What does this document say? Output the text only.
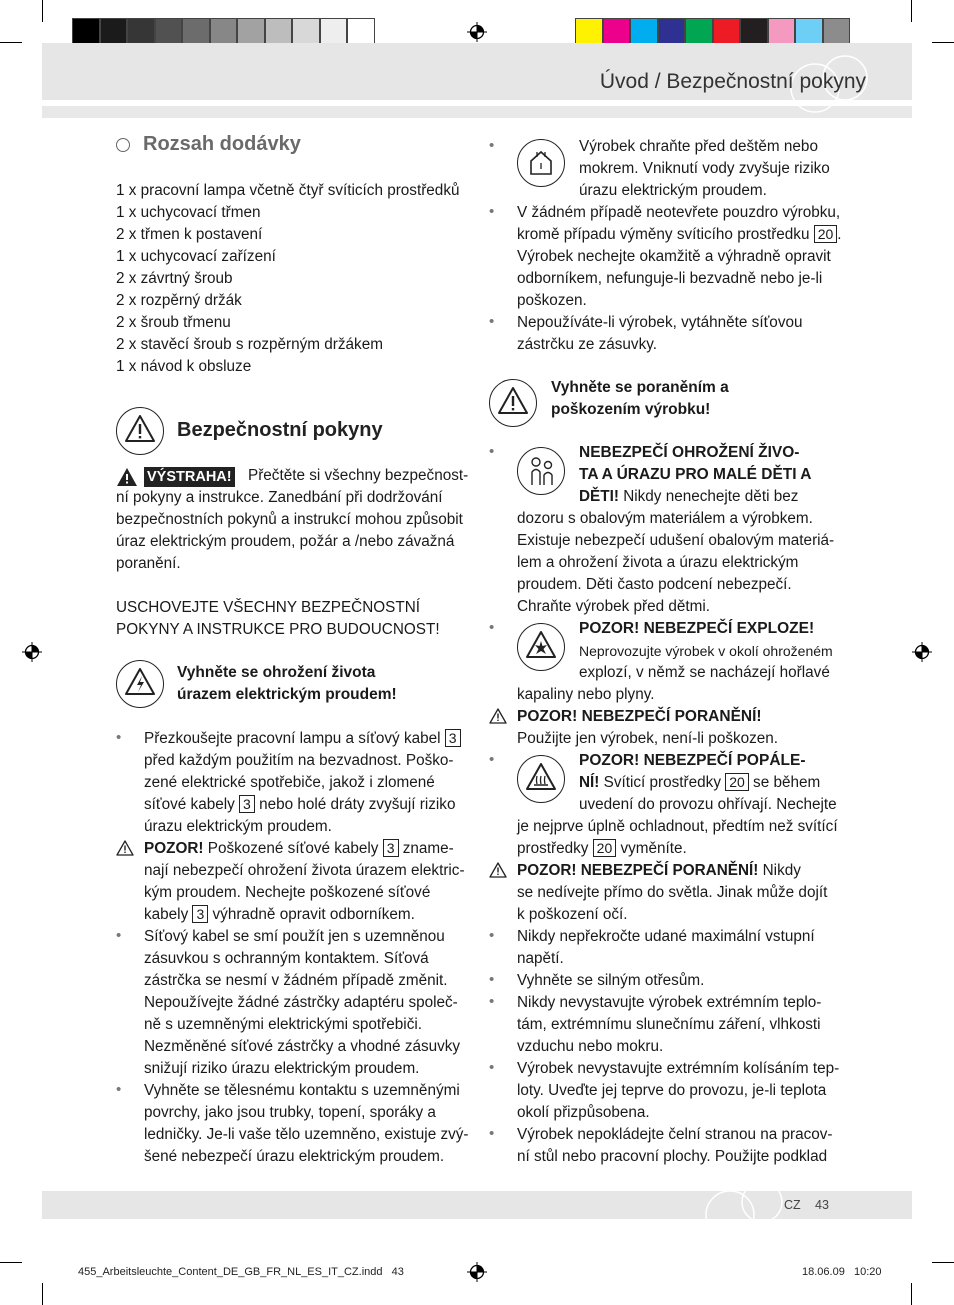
Úvod / Bezpečnostní pokyny
Rozsah dodávky
1 x pracovní lampa včetně čtyř svíticích prostředků
1 x uchycovací třmen
2 x třmen k postavení
1 x uchycovací zařízení
2 x závrtný šroub
2 x rozpěrný držák
2 x šroub třmenu
2 x stavěcí šroub s rozpěrným držákem
1 x návod k obsluze
Bezpečnostní pokyny
VÝSTRAHA! Přečtěte si všechny bezpečnost-
ní pokyny a instrukce. Zanedbání při dodržování
bezpečnostních pokynů a instrukcí mohou způsobit
úraz elektrickým proudem, požár a /nebo závažná
poranění.
USCHOVEJTE VŠECHNY BEZPEČNOSTNÍ
POKYNY A INSTRUKCE PRO BUDOUCNOST!
Vyhněte se ohrožení života
úrazem elektrickým proudem!
• Přezkoušejte pracovní lampu a síťový kabel 3
před každým použitím na bezvadnost. Poško-
zené elektrické spotřebiče, jakož i zlomené
síťové kabely 3 nebo holé dráty zvyšují riziko
úrazu elektrickým proudem.
POZOR! Poškozené síťové kabely 3 zname-
nají nebezpečí ohrožení života úrazem elektric-
kým proudem. Nechejte poškozené síťové
kabely 3 výhradně opravit odborníkem.
• Síťový kabel se smí použít jen s uzemněnou
zásuvkou s ochranným kontaktem. Síťová
zástrčka se nesmí v žádném případě změnit.
Nepoužívejte žádné zástrčky adaptéru společ-
ně s uzemněnými elektrickými spotřebiči.
Nezměněné síťové zástrčky a vhodné zásuvky
snižují riziko úrazu elektrickým proudem.
• Vyhněte se tělesnému kontaktu s uzemněnými
povrchy, jako jsou trubky, topení, sporáky a
ledničky. Je-li vaše tělo uzemněno, existuje zvý-
šené nebezpečí úrazu elektrickým proudem.
•	Výrobek chraňte před deštěm nebo
mokrem. Vniknutí vody zvyšuje riziko
úrazu elektrickým proudem.
• V žádném případě neotevřete pouzdro výrobku,
kromě případu výměny svíticího prostředku 20 .
Výrobek nechejte okamžitě a výhradně opravit
odborníkem, nefunguje-li bezvadně nebo je-li
poškozen.
• Nepoužíváte-li výrobek, vytáhněte síťovou
zástrčku ze zásuvky.
Vyhněte se poraněním a
poškozením výrobku!
•	NEBEZPEČÍ OHROŽENÍ ŽIVO-
TA A ÚRAZU PRO MALÉ DĚTI A
DĚTI! Nikdy nenechejte děti bez
dozoru s obalovým materiálem a výrobkem.
Existuje nebezpečí udušení obalovým materiá-
lem a ohrožení života a úrazu elektrickým
proudem. Děti často podcení nebezpečí.
Chraňte výrobek před dětmi.
•	POZOR! NEBEZPEČÍ EXPLOZE!
Neprovozujte výrobek v okolí ohroženém
explozí, v němž se nacházejí hořlavé
kapaliny nebo plyny.
POZOR! NEBEZPEČÍ PORANĚNÍ!
Použijte jen výrobek, není-li poškozen.
•	POZOR! NEBEZPEČÍ POPÁLE-
NÍ! Svíticí prostředky 20 se během
uvedení do provozu ohřívají. Nechejte
je nejprve úplně ochladnout, předtím než svítící
prostředky 20 vyměníte.
POZOR! NEBEZPEČÍ PORANĚNÍ! Nikdy
se nedívejte přímo do světla. Jinak může dojít
k poškození očí.
• Nikdy nepřekročte udané maximální vstupní
napětí.
• Vyhněte se silným otřesům.
• Nikdy nevystavujte výrobek extrémním teplo-
tám, extrémnímu slunečnímu záření, vlhkosti
vzduchu nebo mokru.
• Výrobek nevystavujte extrémním kolísáním tep-
loty. Uveďte jej teprve do provozu, je-li teplota
okolí přizpůsobena.
• Výrobek nepokládejte čelní stranou na pracov-
ní stůl nebo pracovní plochy. Použijte podklad
CZ 43
455_Arbeitsleuchte_Content_DE_GB_FR_NL_ES_IT_CZ.indd   43	18.06.09   10:20
